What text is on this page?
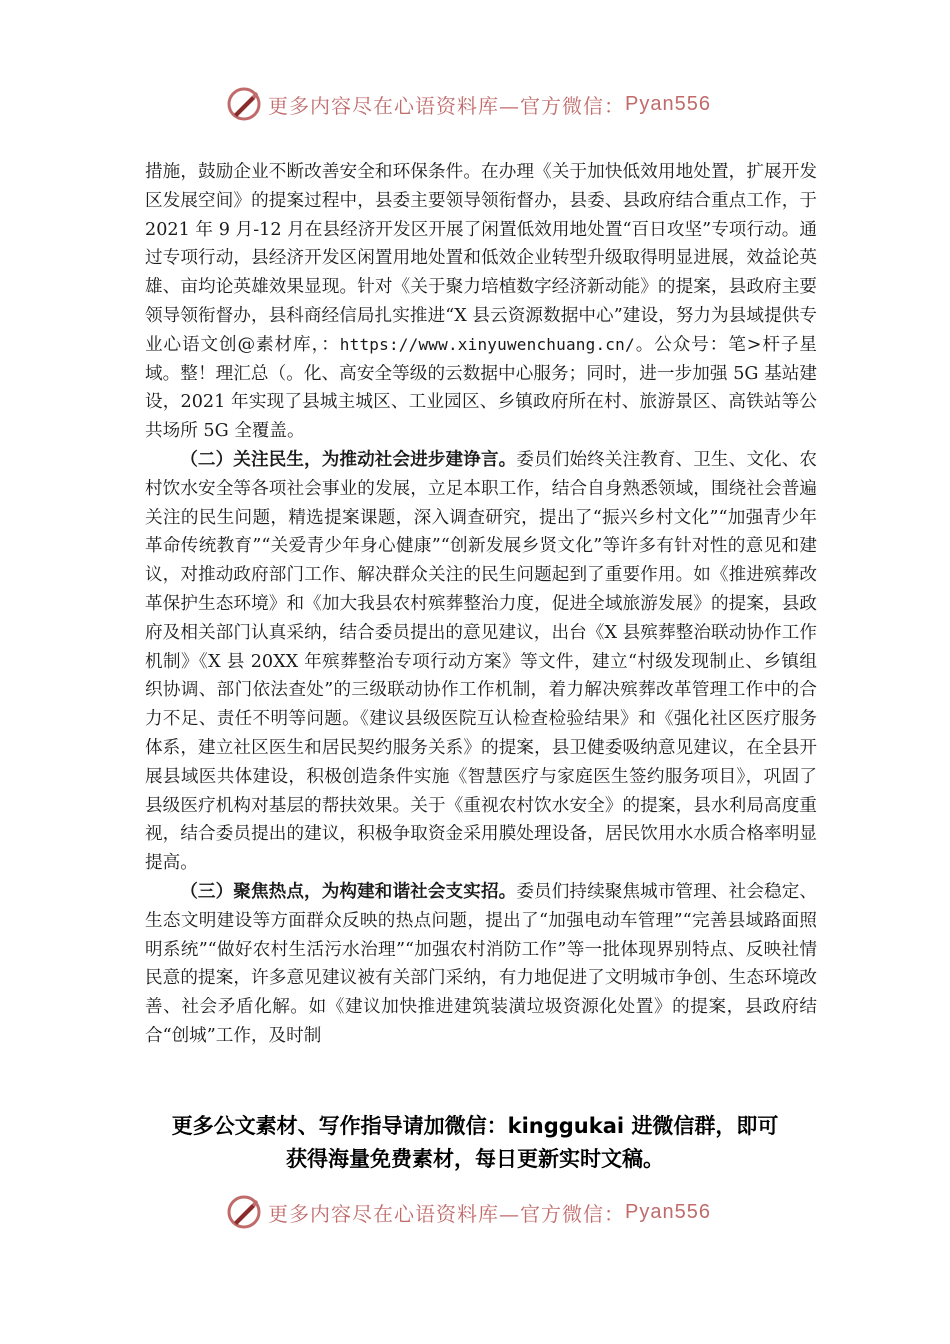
更多内容尽在心语资料库—官方微信： Pyan556

措施，鼓励企业不断改善安全和环保条件。在办理《关于加快低效用地处置，扩展开发区发展空间》的提案过程中，县委主要领导领衔督办，县委、县政府结合重点工作，于 2021 年 9 月-12 月在县经济开发区开展了闲置低效用地处置“百日攻坚”专项行动。通过专项行动，县经济开发区闲置用地处置和低效企业转型升级取得明显进展，效益论英雄、亩均论英雄效果显现。针对《关于聚力培植数字经济新动能》的提案，县政府主要领导领衔督办，县科商经信局扎实推进“X 县云资源数据中心”建设，努力为县域提供专业心语文创@素材库，：https://www.xinyuwenchuang.cn/。公众号：笔>杆子星域。整！理汇总（。化、高安全等级的云数据中心服务；同时，进一步加强 5G 基站建设，2021 年实现了县城主城区、工业园区、乡镇政府所在村、旅游景区、高铁站等公共场所 5G 全覆盖。

（二）关注民生，为推动社会进步建诤言。委员们始终关注教育、卫生、文化、农村饮水安全等各项社会事业的发展，立足本职工作，结合自身熟悉领域，围绕社会普遍关注的民生问题，精选提案课题，深入调查研究，提出了“振兴乡村文化”“加强青少年革命传统教育”“关爱青少年身心健康”“创新发展乡贤文化”等许多有针对性的意见和建议，对推动政府部门工作、解决群众关注的民生问题起到了重要作用。如《推进殡葬改革保护生态环境》和《加大我县农村殡葬整治力度，促进全域旅游发展》的提案，县政府及相关部门认真采纳，结合委员提出的意见建议，出台《X 县殡葬整治联动协作工作机制》《X 县 20XX 年殡葬整治专项行动方案》等文件，建立“村级发现制止、乡镇组织协调、部门依法查处”的三级联动协作工作机制，着力解决殡葬改革管理工作中的合力不足、责任不明等问题。《建议县级医院互认检查检验结果》和《强化社区医疗服务体系，建立社区医生和居民契约服务关系》的提案，县卫健委吸纳意见建议，在全县开展县域医共体建设，积极创造条件实施《智慧医疗与家庭医生签约服务项目》，巩固了县级医疗机构对基层的帮扶效果。关于《重视农村饮水安全》的提案，县水利局高度重视，结合委员提出的建议，积极争取资金采用膜处理设备，居民饮用水水质合格率明显提高。

（三）聚焦热点，为构建和谐社会支实招。委员们持续聚焦城市管理、社会稳定、生态文明建设等方面群众反映的热点问题，提出了“加强电动车管理”“完善县域路面照明系统”“做好农村生活污水治理”“加强农村消防工作”等一批体现界别特点、反映社情民意的提案，许多意见建议被有关部门采纳，有力地促进了文明城市争创、生态环境改善、社会矛盾化解。如《建议加快推进建筑装潢垃圾资源化处置》的提案，县政府结合“创城”工作，及时制

更多公文素材、写作指导请加微信：kinggukai 进微信群，即可
获得海量免费素材，每日更新实时文稿。
更多内容尽在心语资料库—官方微信： Pyan556
